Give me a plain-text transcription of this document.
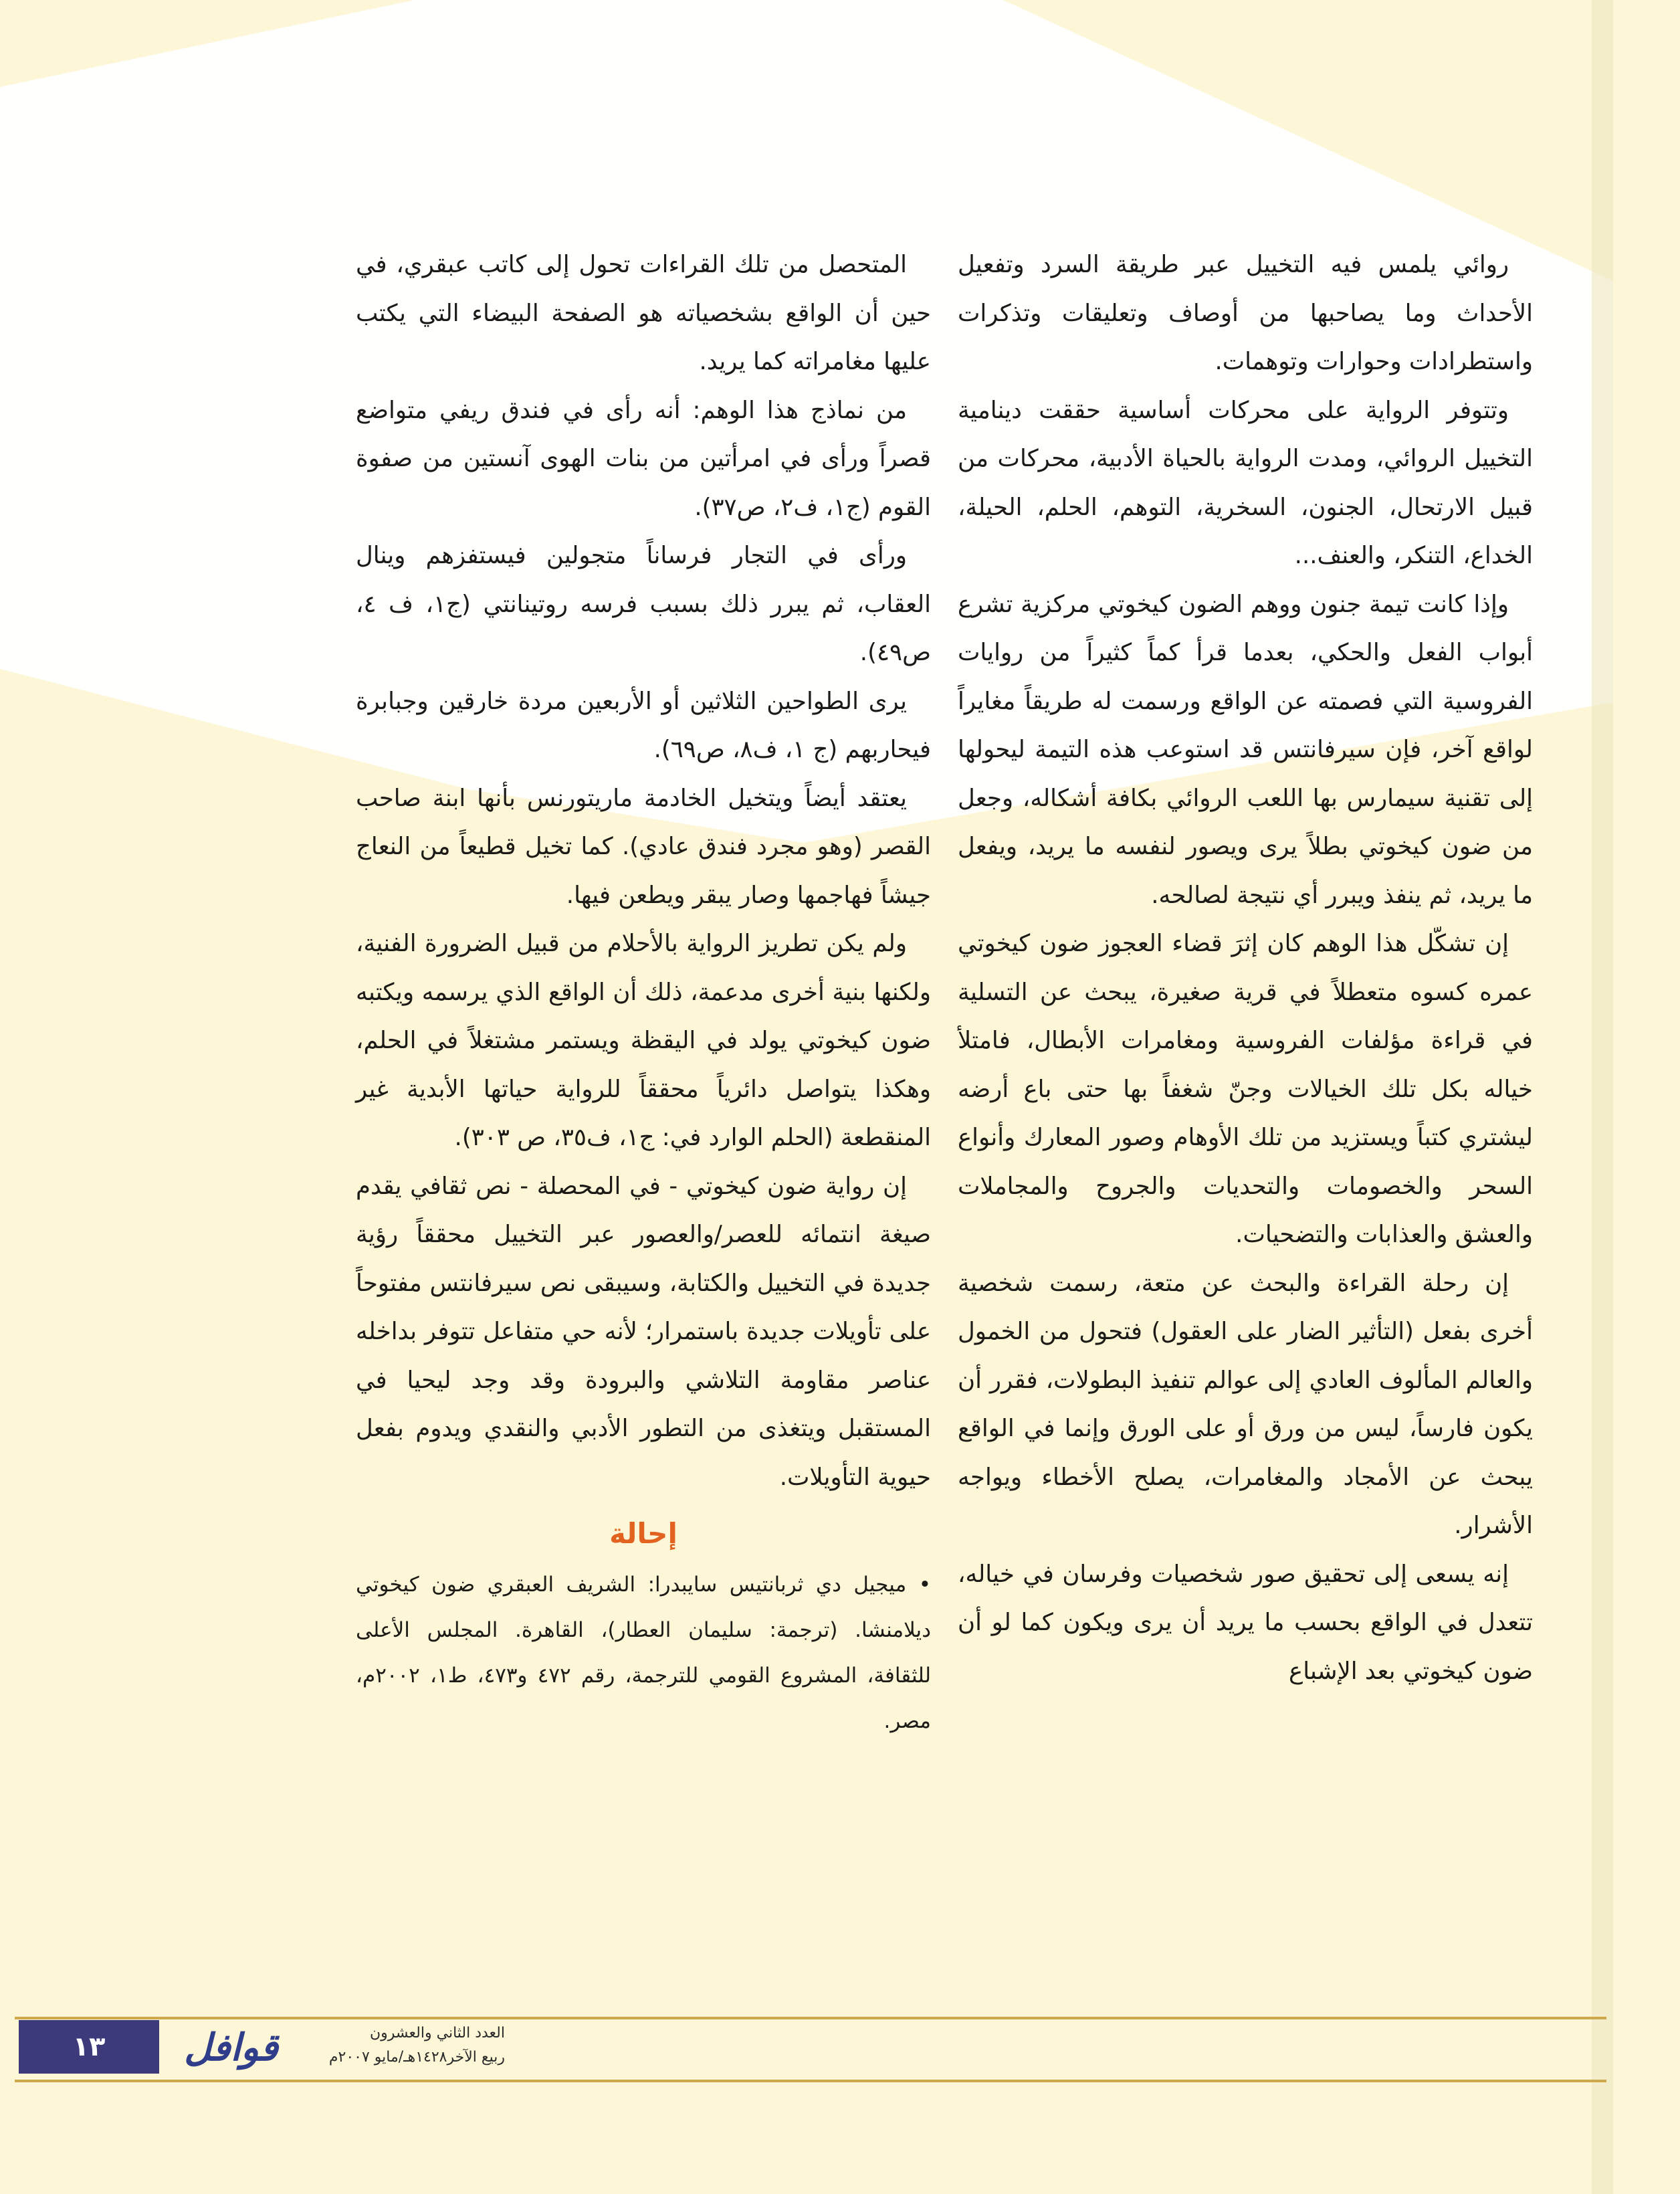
روائي يلمس فيه التخييل عبر طريقة السرد وتفعيل الأحداث وما يصاحبها من أوصاف وتعليقات وتذكرات واستطرادات وحوارات وتوهمات.

وتتوفر الرواية على محركات أساسية حققت دينامية التخييل الروائي، ومدت الرواية بالحياة الأدبية، محركات من قبيل الارتحال، الجنون، السخرية، التوهم، الحلم، الحيلة، الخداع، التنكر، والعنف...

وإذا كانت تيمة جنون ووهم الضون كيخوتي مركزية تشرع أبواب الفعل والحكي، بعدما قرأ كماً كثيراً من روايات الفروسية التي فصمته عن الواقع ورسمت له طريقاً مغايراً لواقع آخر، فإن سيرفانتس قد استوعب هذه التيمة ليحولها إلى تقنية سيمارس بها اللعب الروائي بكافة أشكاله، وجعل من ضون كيخوتي بطلاً يرى ويصور لنفسه ما يريد، ويفعل ما يريد، ثم ينفذ ويبرر أي نتيجة لصالحه.

إن تشكّل هذا الوهم كان إثرَ قضاء العجوز ضون كيخوتي عمره كسوه متعطلاً في قرية صغيرة، يبحث عن التسلية في قراءة مؤلفات الفروسية ومغامرات الأبطال، فامتلأ خياله بكل تلك الخيالات وجنّ شغفاً بها حتى باع أرضه ليشتري كتباً ويستزيد من تلك الأوهام وصور المعارك وأنواع السحر والخصومات والتحديات والجروح والمجاملات والعشق والعذابات والتضحيات.

إن رحلة القراءة والبحث عن متعة، رسمت شخصية أخرى بفعل (التأثير الضار على العقول) فتحول من الخمول والعالم المألوف العادي إلى عوالم تنفيذ البطولات، فقرر أن يكون فارساً، ليس من ورق أو على الورق وإنما في الواقع يبحث عن الأمجاد والمغامرات، يصلح الأخطاء ويواجه الأشرار.

إنه يسعى إلى تحقيق صور شخصيات وفرسان في خياله، تتعدل في الواقع بحسب ما يريد أن يرى ويكون كما لو أن ضون كيخوتي بعد الإشباع

المتحصل من تلك القراءات تحول إلى كاتب عبقري، في حين أن الواقع بشخصياته هو الصفحة البيضاء التي يكتب عليها مغامراته كما يريد.

من نماذج هذا الوهم: أنه رأى في فندق ريفي متواضع قصراً ورأى في امرأتين من بنات الهوى آنستين من صفوة القوم (ج١، ف٢، ص٣٧).

ورأى في التجار فرساناً متجولين فيستفزهم وينال العقاب، ثم يبرر ذلك بسبب فرسه روتينانتي (ج١، ف ٤، ص٤٩).

يرى الطواحين الثلاثين أو الأربعين مردة خارقين وجبابرة فيحاربهم (ج ١، ف٨، ص٦٩).

يعتقد أيضاً ويتخيل الخادمة ماريتورنس بأنها ابنة صاحب القصر (وهو مجرد فندق عادي). كما تخيل قطيعاً من النعاج جيشاً فهاجمها وصار يبقر ويطعن فيها.

ولم يكن تطريز الرواية بالأحلام من قبيل الضرورة الفنية، ولكنها بنية أخرى مدعمة، ذلك أن الواقع الذي يرسمه ويكتبه ضون كيخوتي يولد في اليقظة ويستمر مشتغلاً في الحلم، وهكذا يتواصل دائرياً محققاً للرواية حياتها الأبدية غير المنقطعة (الحلم الوارد في: ج١، ف٣٥، ص ٣٠٣).

إن رواية ضون كيخوتي - في المحصلة - نص ثقافي يقدم صيغة انتمائه للعصر/والعصور عبر التخييل محققاً رؤية جديدة في التخييل والكتابة، وسيبقى نص سيرفانتس مفتوحاً على تأويلات جديدة باستمرار؛ لأنه حي متفاعل تتوفر بداخله عناصر مقاومة التلاشي والبرودة وقد وجد ليحيا في المستقبل ويتغذى من التطور الأدبي والنقدي ويدوم بفعل حيوية التأويلات.

إحالة

• ميجيل دي ثربانتيس سايبدرا: الشريف العبقري ضون كيخوتي ديلامنشا. (ترجمة: سليمان العطار)، القاهرة. المجلس الأعلى للثقافة، المشروع القومي للترجمة، رقم ٤٧٢ و٤٧٣، ط١، ٢٠٠٢م، مصر.

١٣	قوافل	العدد الثاني والعشرون
ربيع الآخر١٤٢٨هـ/مايو ٢٠٠٧م
